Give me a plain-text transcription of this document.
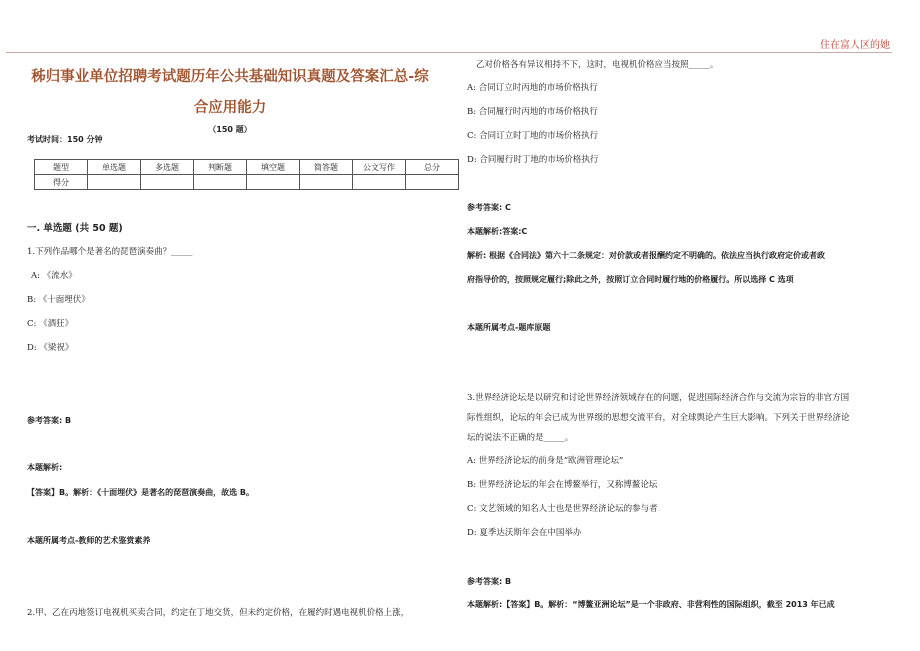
住在富人区的她
秭归事业单位招聘考试题历年公共基础知识真题及答案汇总-综
合应用能力
（150 题）
考试时间：150 分钟
题型	单选题	多选题	判断题	填空题	简答题	公文写作	总分
得分							
一. 单选题 (共 50 题)
1.下列作品哪个是著名的琵琶演奏曲？_____
A: 《流水》
B: 《十面埋伏》
C: 《酒狂》
D: 《梁祝》
参考答案: B
本题解析:
【答案】B。解析：《十面埋伏》是著名的琵琶演奏曲，故选 B。
本题所属考点-教师的艺术鉴赏素养
2.甲、乙在丙地签订电视机买卖合同，约定在丁地交货，但未约定价格，在履约时遇电视机价格上涨，
乙对价格各有异议相持不下，这时，电视机价格应当按照_____。
A: 合同订立时丙地的市场价格执行
B: 合同履行时丙地的市场价格执行
C: 合同订立时丁地的市场价格执行
D: 合同履行时丁地的市场价格执行
参考答案: C
本题解析:答案:C
解析: 根据《合同法》第六十二条规定：对价款或者报酬约定不明确的。依法应当执行政府定价或者政
府指导价的，按照规定履行;除此之外，按照订立合同时履行地的价格履行。所以选择 C 选项
本题所属考点-题库原题
3.世界经济论坛是以研究和讨论世界经济领域存在的问题，促进国际经济合作与交流为宗旨的非官方国
际性组织，论坛的年会已成为世界级的思想交流平台，对全球舆论产生巨大影响。下列关于世界经济论
坛的说法不正确的是_____。
A: 世界经济论坛的前身是“欧洲管理论坛”
B: 世界经济论坛的年会在博鳌举行，又称博鳌论坛
C: 文艺领域的知名人士也是世界经济论坛的参与者
D: 夏季达沃斯年会在中国举办
参考答案: B
本题解析:【答案】B。解析：“博鳌亚洲论坛”是一个非政府、非营利性的国际组织，截至 2013 年已成
